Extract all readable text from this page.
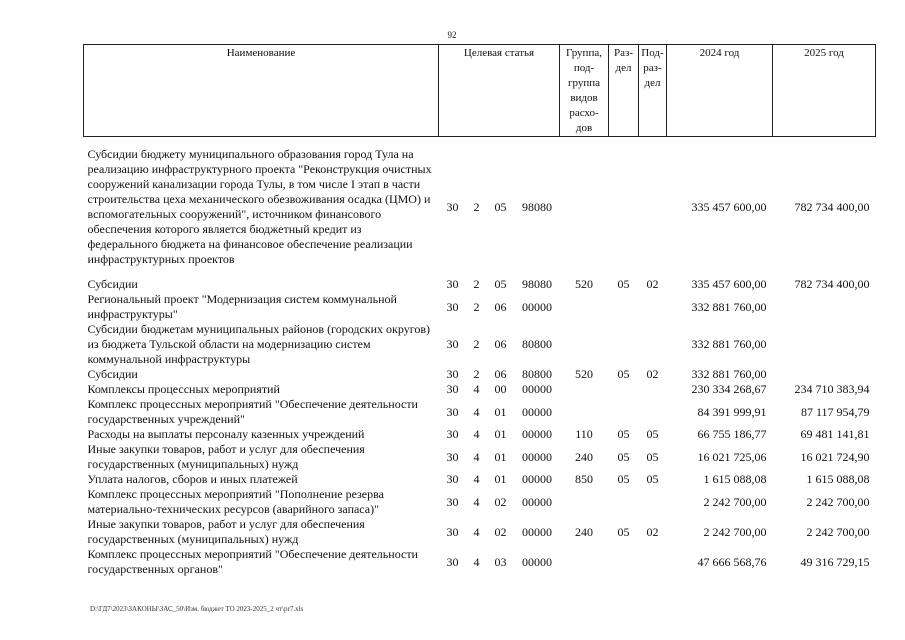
92
Наименование	Целевая статья				Группа, под- группа видов расхо- дов	Раз- дел	Под- раз- дел	2024 год	2025 год

Субсидии бюджету муниципального образования город Тула на реализацию инфраструктурного проекта "Реконструкция очистных сооружений канализации города Тулы, в том числе I этап в части строительства цеха механического обезвоживания осадка (ЦМО) и вспомогательных сооружений", источником финансового обеспечения которого является бюджетный кредит из федерального бюджета на финансовое обеспечение реализации инфраструктурных проектов	30	2	05	98080				335 457 600,00	782 734 400,00

Субсидии	30	2	05	98080	520	05	02	335 457 600,00	782 734 400,00
Региональный проект "Модернизация систем коммунальной инфраструктуры"	30	2	06	00000				332 881 760,00	
Субсидии бюджетам муниципальных районов (городских округов) из бюджета Тульской области на модернизацию систем коммунальной инфраструктуры	30	2	06	80800				332 881 760,00	
Субсидии	30	2	06	80800	520	05	02	332 881 760,00	
Комплексы процессных мероприятий	30	4	00	00000				230 334 268,67	234 710 383,94
Комплекс процессных мероприятий "Обеспечение деятельности государственных учреждений"	30	4	01	00000				84 391 999,91	87 117 954,79
Расходы на выплаты персоналу казенных учреждений	30	4	01	00000	110	05	05	66 755 186,77	69 481 141,81
Иные закупки товаров, работ и услуг для обеспечения государственных (муниципальных) нужд	30	4	01	00000	240	05	05	16 021 725,06	16 021 724,90
Уплата налогов, сборов и иных платежей	30	4	01	00000	850	05	05	1 615 088,08	1 615 088,08
Комплекс процессных мероприятий "Пополнение резерва материально-технических ресурсов (аварийного запаса)"	30	4	02	00000				2 242 700,00	2 242 700,00
Иные закупки товаров, работ и услуг для обеспечения государственных (муниципальных) нужд	30	4	02	00000	240	05	02	2 242 700,00	2 242 700,00
Комплекс процессных мероприятий "Обеспечение деятельности государственных органов"	30	4	03	00000				47 666 568,76	49 316 729,15
D:\ГД7\2023\ЗАКОНЫ\ЗАС_50\Изм. бюджет ТО 2023-2025_2 чт\pr7.xls
